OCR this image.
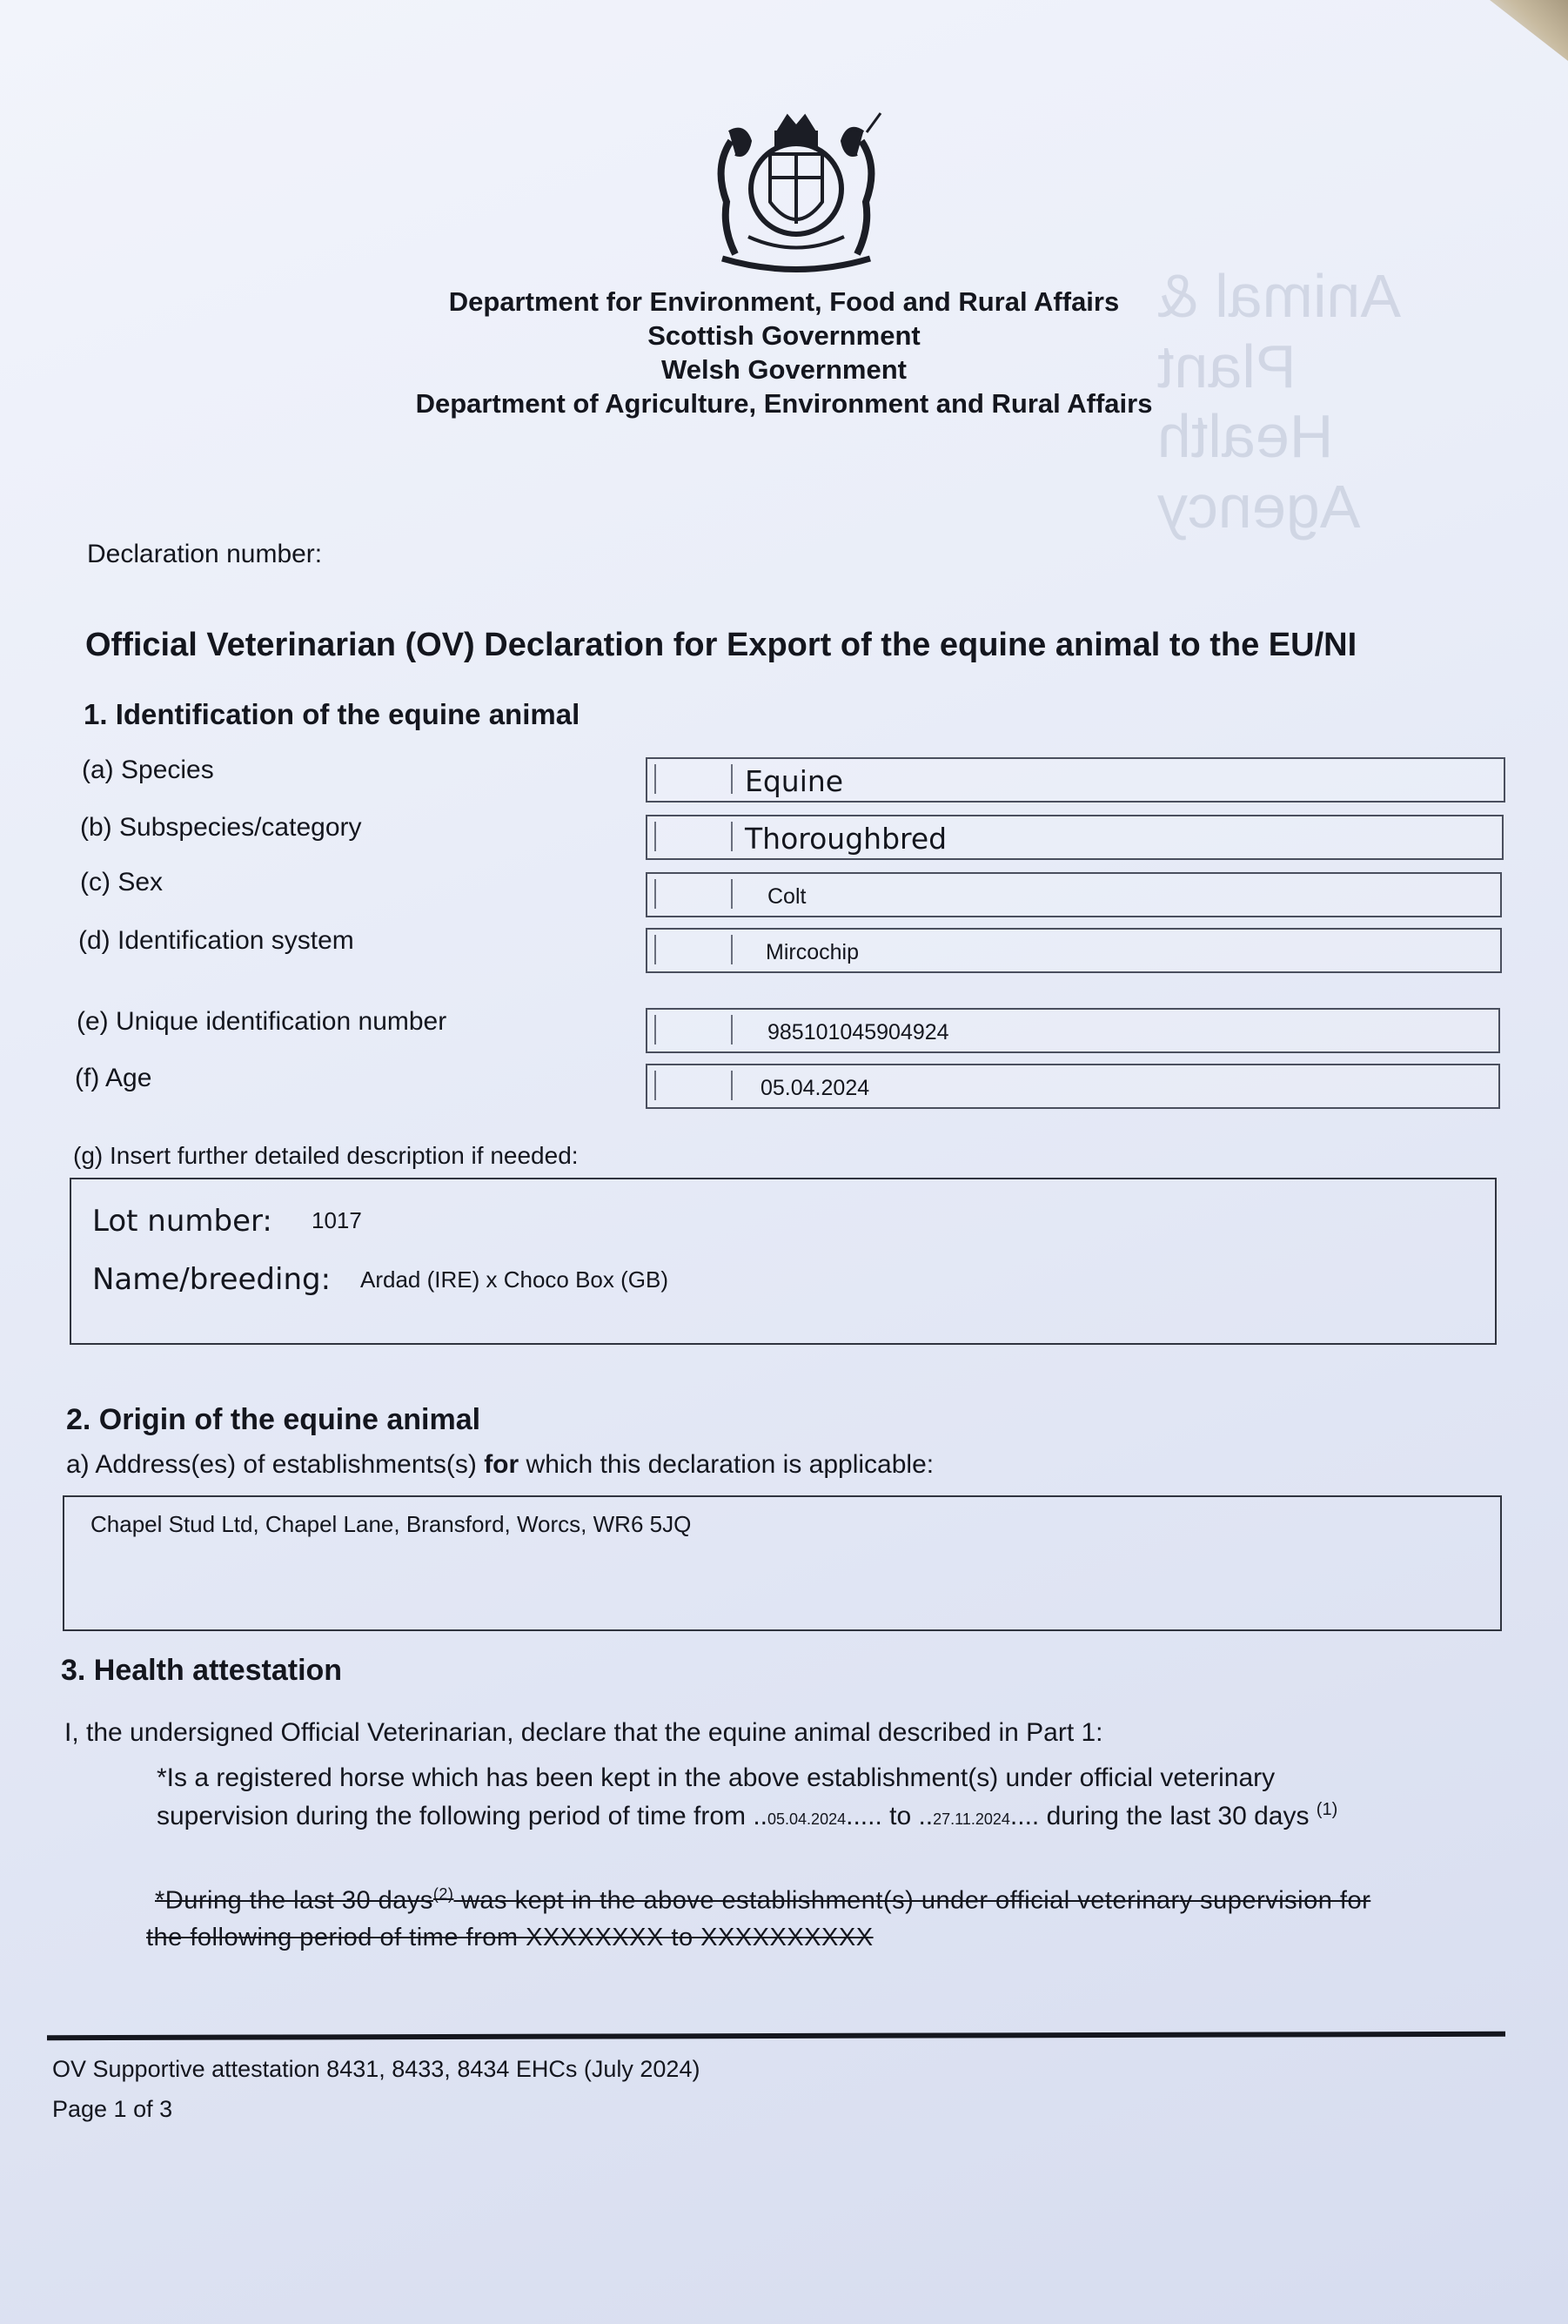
Animal & Plant Health Agency
Department for Environment, Food and Rural Affairs
Scottish Government
Welsh Government
Department of Agriculture, Environment and Rural Affairs
Declaration number:
Official Veterinarian (OV) Declaration for Export of the equine animal to the EU/NI
1. Identification of the equine animal
(a) Species	Equine
(b) Subspecies/category	Thoroughbred
(c) Sex	Colt
(d) Identification system	Mircochip
(e) Unique identification number	985101045904924
(f) Age	05.04.2024
(g) Insert further detailed description if needed:
Lot number: 1017
Name/breeding: Ardad (IRE) x Choco Box (GB)
2. Origin of the equine animal
a) Address(es) of establishments(s) for which this declaration is applicable:
Chapel Stud Ltd, Chapel Lane, Bransford, Worcs, WR6 5JQ
3. Health attestation
I, the undersigned Official Veterinarian, declare that the equine animal described in Part 1:
*Is a registered horse which has been kept in the above establishment(s) under official veterinary
supervision during the following period of time from ..05.04.2024..... to ..27.11.2024.... during the last 30 days $^{(1)}$
*During the last 30 days$^{(2)}$ was kept in the above establishment(s) under official veterinary supervision for
the following period of time from XXXXXXXX to XXXXXXXXXX
OV Supportive attestation 8431, 8433, 8434 EHCs (July 2024)
Page 1 of 3
